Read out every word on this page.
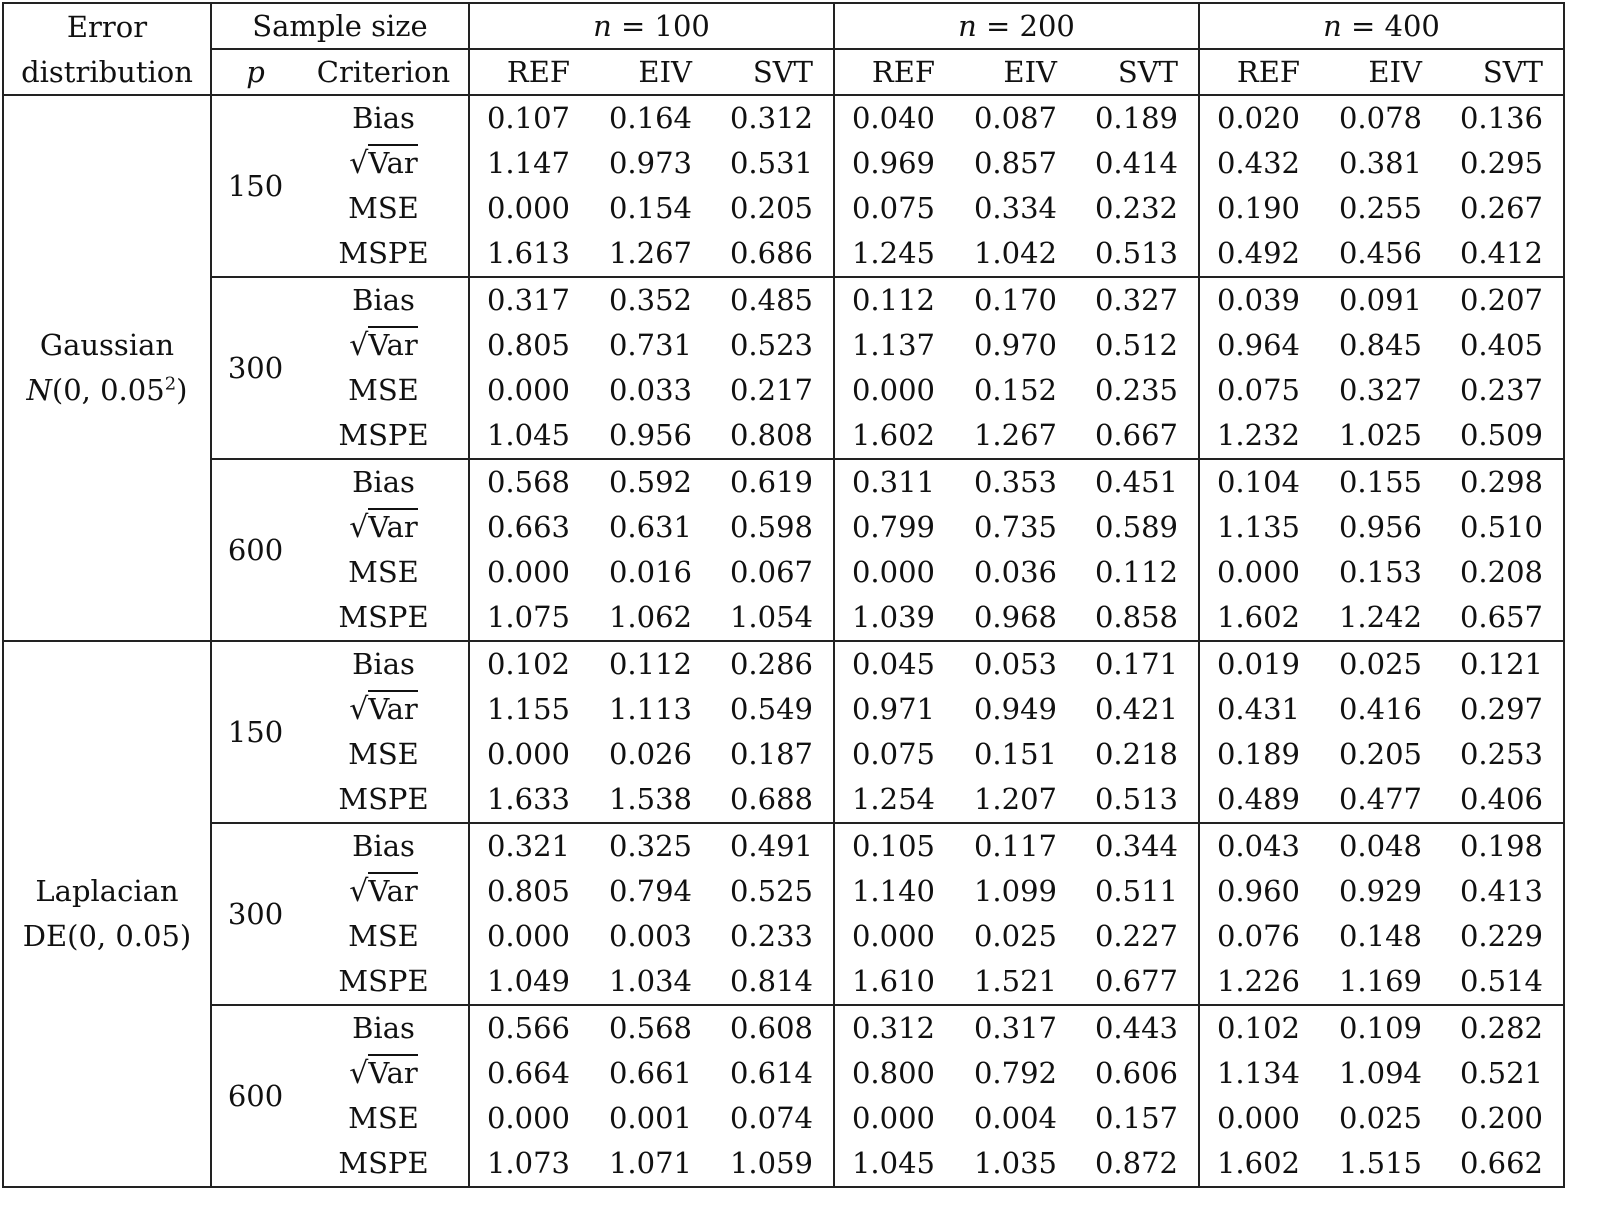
Error	Sample size		n = 100			n = 200			n = 400		
distribution	p	Criterion	REF	EIV	SVT	REF	EIV	SVT	REF	EIV	SVT

Gaussian
N(0, 0.05$^2$)	150	Bias	0.107	0.164	0.312	0.040	0.087	0.189	0.020	0.078	0.136
		√Var	1.147	0.973	0.531	0.969	0.857	0.414	0.432	0.381	0.295
		MSE	0.000	0.154	0.205	0.075	0.334	0.232	0.190	0.255	0.267
		MSPE	1.613	1.267	0.686	1.245	1.042	0.513	0.492	0.456	0.412
	300	Bias	0.317	0.352	0.485	0.112	0.170	0.327	0.039	0.091	0.207
		√Var	0.805	0.731	0.523	1.137	0.970	0.512	0.964	0.845	0.405
		MSE	0.000	0.033	0.217	0.000	0.152	0.235	0.075	0.327	0.237
		MSPE	1.045	0.956	0.808	1.602	1.267	0.667	1.232	1.025	0.509
	600	Bias	0.568	0.592	0.619	0.311	0.353	0.451	0.104	0.155	0.298
		√Var	0.663	0.631	0.598	0.799	0.735	0.589	1.135	0.956	0.510
		MSE	0.000	0.016	0.067	0.000	0.036	0.112	0.000	0.153	0.208
		MSPE	1.075	1.062	1.054	1.039	0.968	0.858	1.602	1.242	0.657

Laplacian
DE(0, 0.05)	150	Bias	0.102	0.112	0.286	0.045	0.053	0.171	0.019	0.025	0.121
		√Var	1.155	1.113	0.549	0.971	0.949	0.421	0.431	0.416	0.297
		MSE	0.000	0.026	0.187	0.075	0.151	0.218	0.189	0.205	0.253
		MSPE	1.633	1.538	0.688	1.254	1.207	0.513	0.489	0.477	0.406
	300	Bias	0.321	0.325	0.491	0.105	0.117	0.344	0.043	0.048	0.198
		√Var	0.805	0.794	0.525	1.140	1.099	0.511	0.960	0.929	0.413
		MSE	0.000	0.003	0.233	0.000	0.025	0.227	0.076	0.148	0.229
		MSPE	1.049	1.034	0.814	1.610	1.521	0.677	1.226	1.169	0.514
	600	Bias	0.566	0.568	0.608	0.312	0.317	0.443	0.102	0.109	0.282
		√Var	0.664	0.661	0.614	0.800	0.792	0.606	1.134	1.094	0.521
		MSE	0.000	0.001	0.074	0.000	0.004	0.157	0.000	0.025	0.200
		MSPE	1.073	1.071	1.059	1.045	1.035	0.872	1.602	1.515	0.662
